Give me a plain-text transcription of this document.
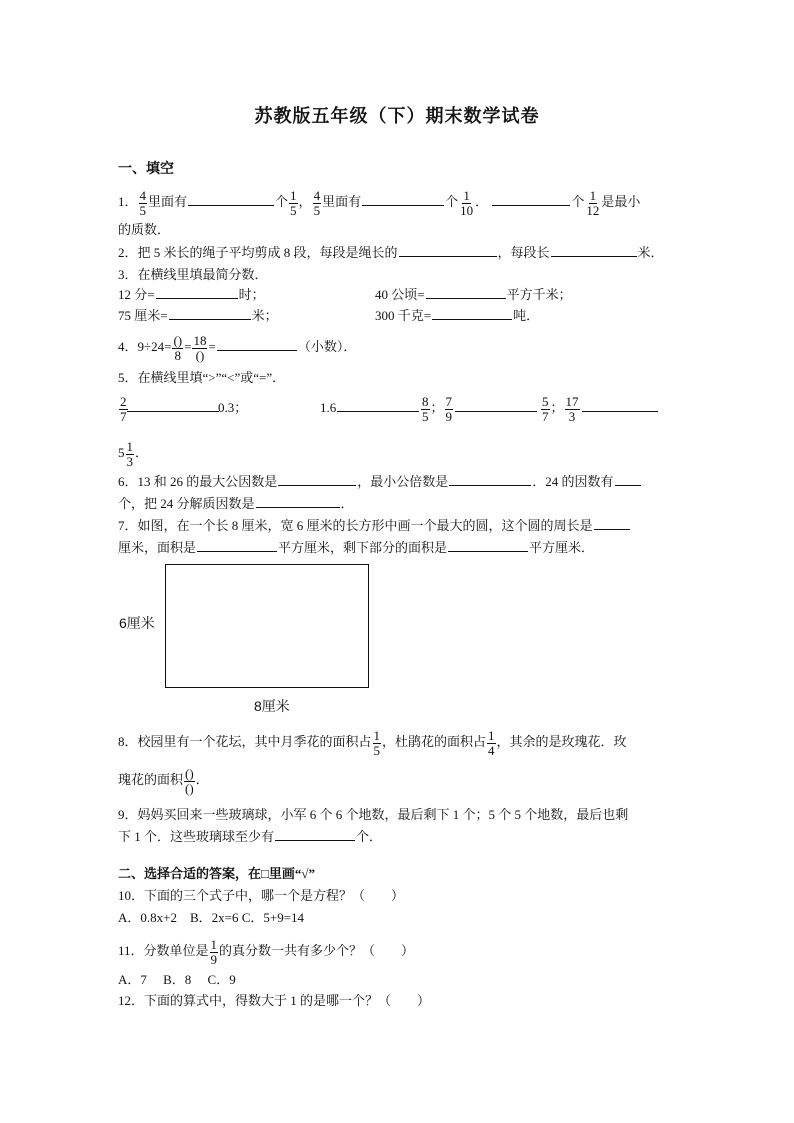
苏教版五年级（下）期末数学试卷
一、填空
1． $\frac{4}{5}$ 里面有	个 $\frac{1}{5}$ ， $\frac{4}{5}$ 里面有	个 $\frac{1}{10}$ ．	个 $\frac{1}{12}$ 是最小
的质数．
2．把 5 米长的绳子平均剪成 8 段，每段是绳长的	，每段长	米．
3．在横线里填最简分数．
12 分=	时；	40 公顷=	平方千米；
75 厘米=	米；	300 千克=	吨．
4．$9\div 24= \frac{()}{8} = \frac{18}{()}$ =	（小数）．
5．在横线里填“>”“<”或“=”．
$\frac{2}{7}$	0.3；	1.6	$\frac{8}{5}$ ； $\frac{7}{9}$	$\frac{5}{7}$ ； $\frac{17}{3}$
$5 \frac{1}{3}$ ．
6．13 和 26 的最大公因数是	，最小公倍数是	．24 的因数有
个，把 24 分解质因数是	．
7．如图，在一个长 8 厘米，宽 6 厘米的长方形中画一个最大的圆，这个圆的周长是
厘米，面积是	平方厘米，剩下部分的面积是	平方厘米．
6厘米
8厘米
8．校园里有一个花坛，其中月季花的面积占 $\frac{1}{5}$ ，杜鹃花的面积占 $\frac{1}{4}$ ，其余的是玫瑰花．玫
瑰花的面积 $\frac{()}{()}$ ．
9．妈妈买回来一些玻璃球，小军 6 个 6 个地数，最后剩下 1 个；5 个 5 个地数，最后也剩
下 1 个．这些玻璃球至少有	个．
二、选择合适的答案，在□里画“√”
10．下面的三个式子中，哪一个是方程？（　　）
A．0.8x+2　B．2x=6 C．5+9=14
11．分数单位是 $\frac{1}{9}$ 的真分数一共有多少个？（　　）
A．7　 B．8　 C．9
12．下面的算式中，得数大于 1 的是哪一个？（　　）
